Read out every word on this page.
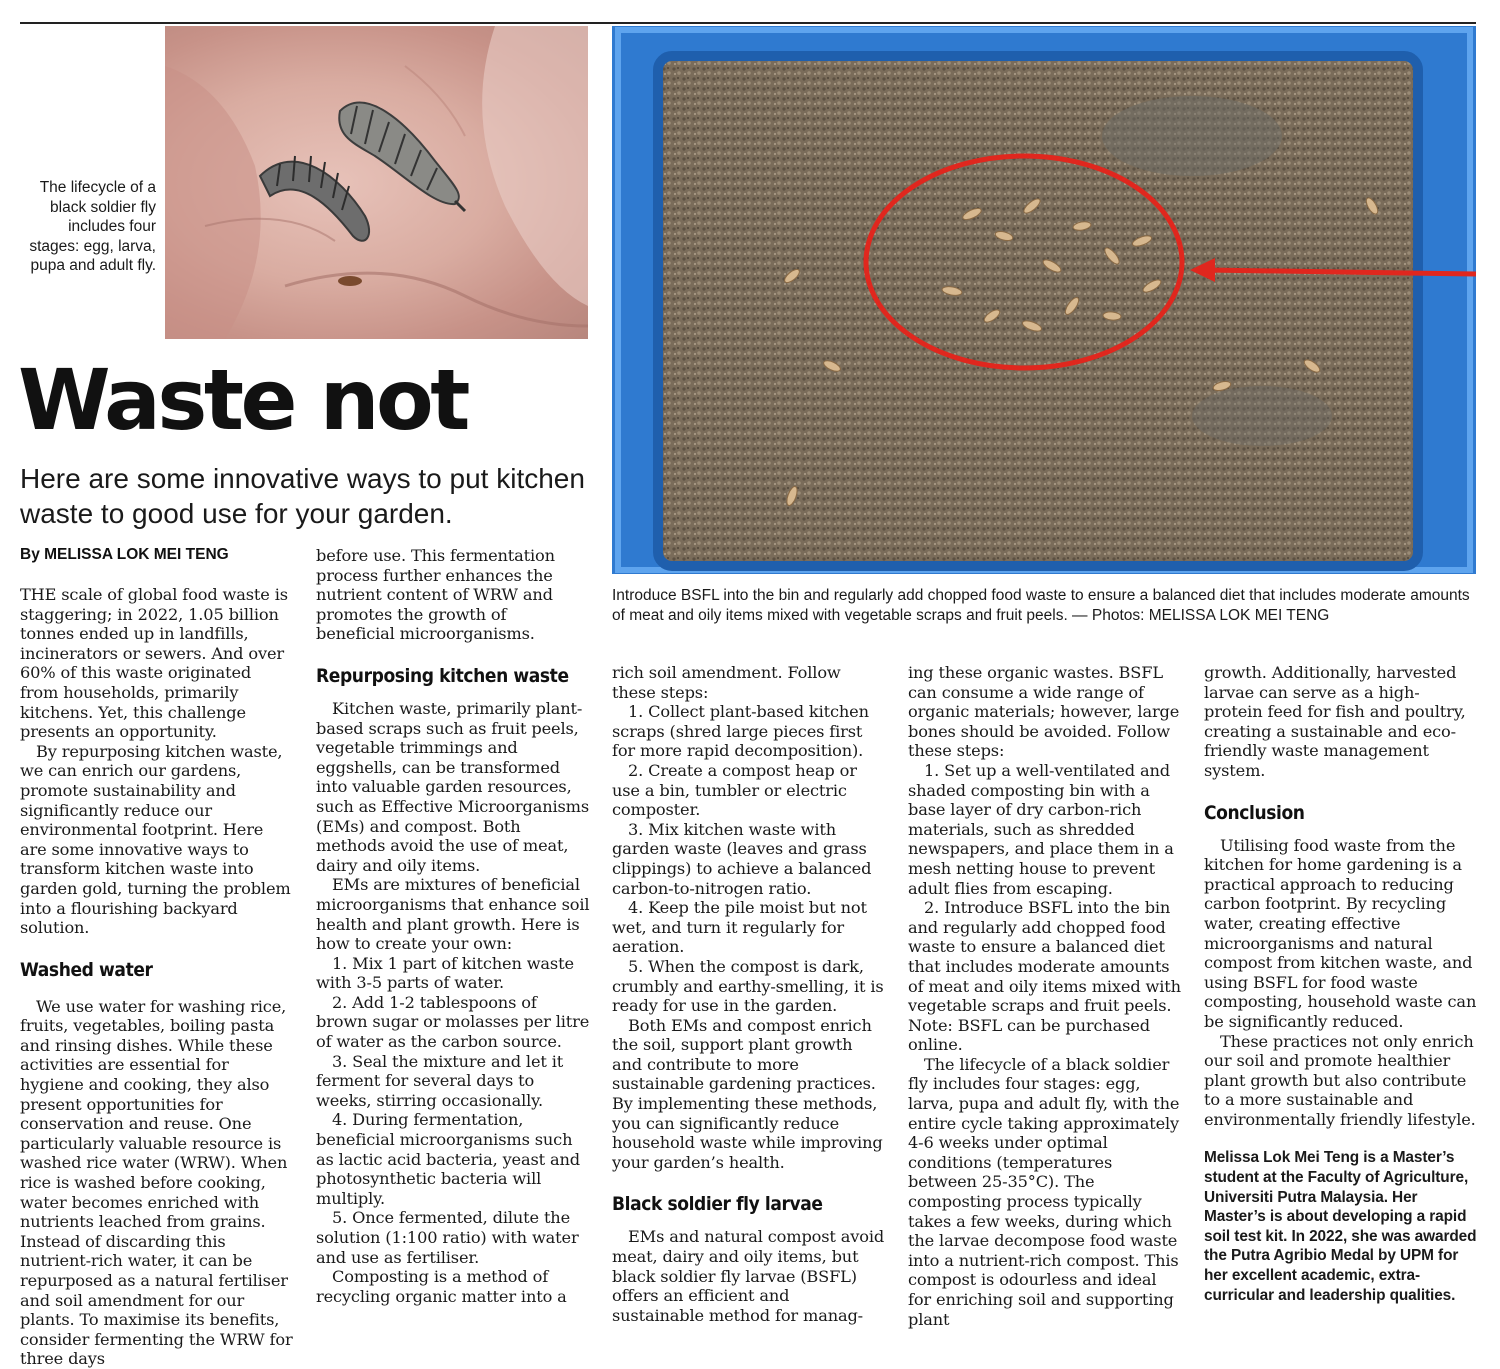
The lifecycle of a black soldier fly includes four stages: egg, larva, pupa and adult fly.
Introduce BSFL into the bin and regularly add chopped food waste to ensure a balanced diet that includes moderate amounts of meat and oily items mixed with vegetable scraps and fruit peels. — Photos: MELISSA LOK MEI TENG
Waste not
Here are some innovative ways to put kitchen waste to good use for your garden.
By MELISSA LOK MEI TENG

THE scale of global food waste is staggering; in 2022, 1.05 billion tonnes ended up in landfills, incinerators or sewers. And over 60% of this waste originated from households, primarily kitchens. Yet, this challenge presents an opportunity.

By repurposing kitchen waste, we can enrich our gardens, promote sustainability and significantly reduce our environmental footprint. Here are some innovative ways to transform kitchen waste into garden gold, turning the problem into a flourishing backyard solution.

Washed water

We use water for washing rice, fruits, vegetables, boiling pasta and rinsing dishes. While these activities are essential for hygiene and cooking, they also present opportunities for conservation and reuse. One particularly valuable resource is washed rice water (WRW). When rice is washed before cooking, water becomes enriched with nutrients leached from grains. Instead of discarding this nutrient-rich water, it can be repurposed as a natural fertiliser and soil amendment for our plants. To maximise its benefits, consider fermenting the WRW for three days

before use. This fermentation process further enhances the nutrient content of WRW and promotes the growth of beneficial microorganisms.

Repurposing kitchen waste

Kitchen waste, primarily plant-based scraps such as fruit peels, vegetable trimmings and eggshells, can be transformed into valuable garden resources, such as Effective Microorganisms (EMs) and compost. Both methods avoid the use of meat, dairy and oily items.

EMs are mixtures of beneficial microorganisms that enhance soil health and plant growth. Here is how to create your own:

1. Mix 1 part of kitchen waste with 3-5 parts of water.

2. Add 1-2 tablespoons of brown sugar or molasses per litre of water as the carbon source.

3. Seal the mixture and let it ferment for several days to weeks, stirring occasionally.

4. During fermentation, beneficial microorganisms such as lactic acid bacteria, yeast and photosynthetic bacteria will multiply.

5. Once fermented, dilute the solution (1:100 ratio) with water and use as fertiliser.

Composting is a method of recycling organic matter into a

rich soil amendment. Follow these steps:

1. Collect plant-based kitchen scraps (shred large pieces first for more rapid decomposition).

2. Create a compost heap or use a bin, tumbler or electric composter.

3. Mix kitchen waste with garden waste (leaves and grass clippings) to achieve a balanced carbon-to-nitrogen ratio.

4. Keep the pile moist but not wet, and turn it regularly for aeration.

5. When the compost is dark, crumbly and earthy-smelling, it is ready for use in the garden.

Both EMs and compost enrich the soil, support plant growth and contribute to more sustainable gardening practices. By implementing these methods, you can significantly reduce household waste while improving your garden’s health.

Black soldier fly larvae

EMs and natural compost avoid meat, dairy and oily items, but black soldier fly larvae (BSFL) offers an efficient and sustainable method for manag-

ing these organic wastes. BSFL can consume a wide range of organic materials; however, large bones should be avoided. Follow these steps:

1. Set up a well-ventilated and shaded composting bin with a base layer of dry carbon-rich materials, such as shredded newspapers, and place them in a mesh netting house to prevent adult flies from escaping.

2. Introduce BSFL into the bin and regularly add chopped food waste to ensure a balanced diet that includes moderate amounts of meat and oily items mixed with vegetable scraps and fruit peels. Note: BSFL can be purchased online.

The lifecycle of a black soldier fly includes four stages: egg, larva, pupa and adult fly, with the entire cycle taking approximately 4-6 weeks under optimal conditions (temperatures between 25-35°C). The composting process typically takes a few weeks, during which the larvae decompose food waste into a nutrient-rich compost. This compost is odourless and ideal for enriching soil and supporting plant

growth. Additionally, harvested larvae can serve as a high-protein feed for fish and poultry, creating a sustainable and eco- friendly waste management system.

Conclusion

Utilising food waste from the kitchen for home gardening is a practical approach to reducing carbon footprint. By recycling water, creating effective microorganisms and natural compost from kitchen waste, and using BSFL for food waste composting, household waste can be significantly reduced.

These practices not only enrich our soil and promote healthier plant growth but also contribute to a more sustainable and environmentally friendly lifestyle.

Melissa Lok Mei Teng is a Master’s student at the Faculty of Agriculture, Universiti Putra Malaysia. Her Master’s is about developing a rapid soil test kit. In 2022, she was awarded the Putra Agribio Medal by UPM for her excellent academic, extra-curricular and leadership qualities.
